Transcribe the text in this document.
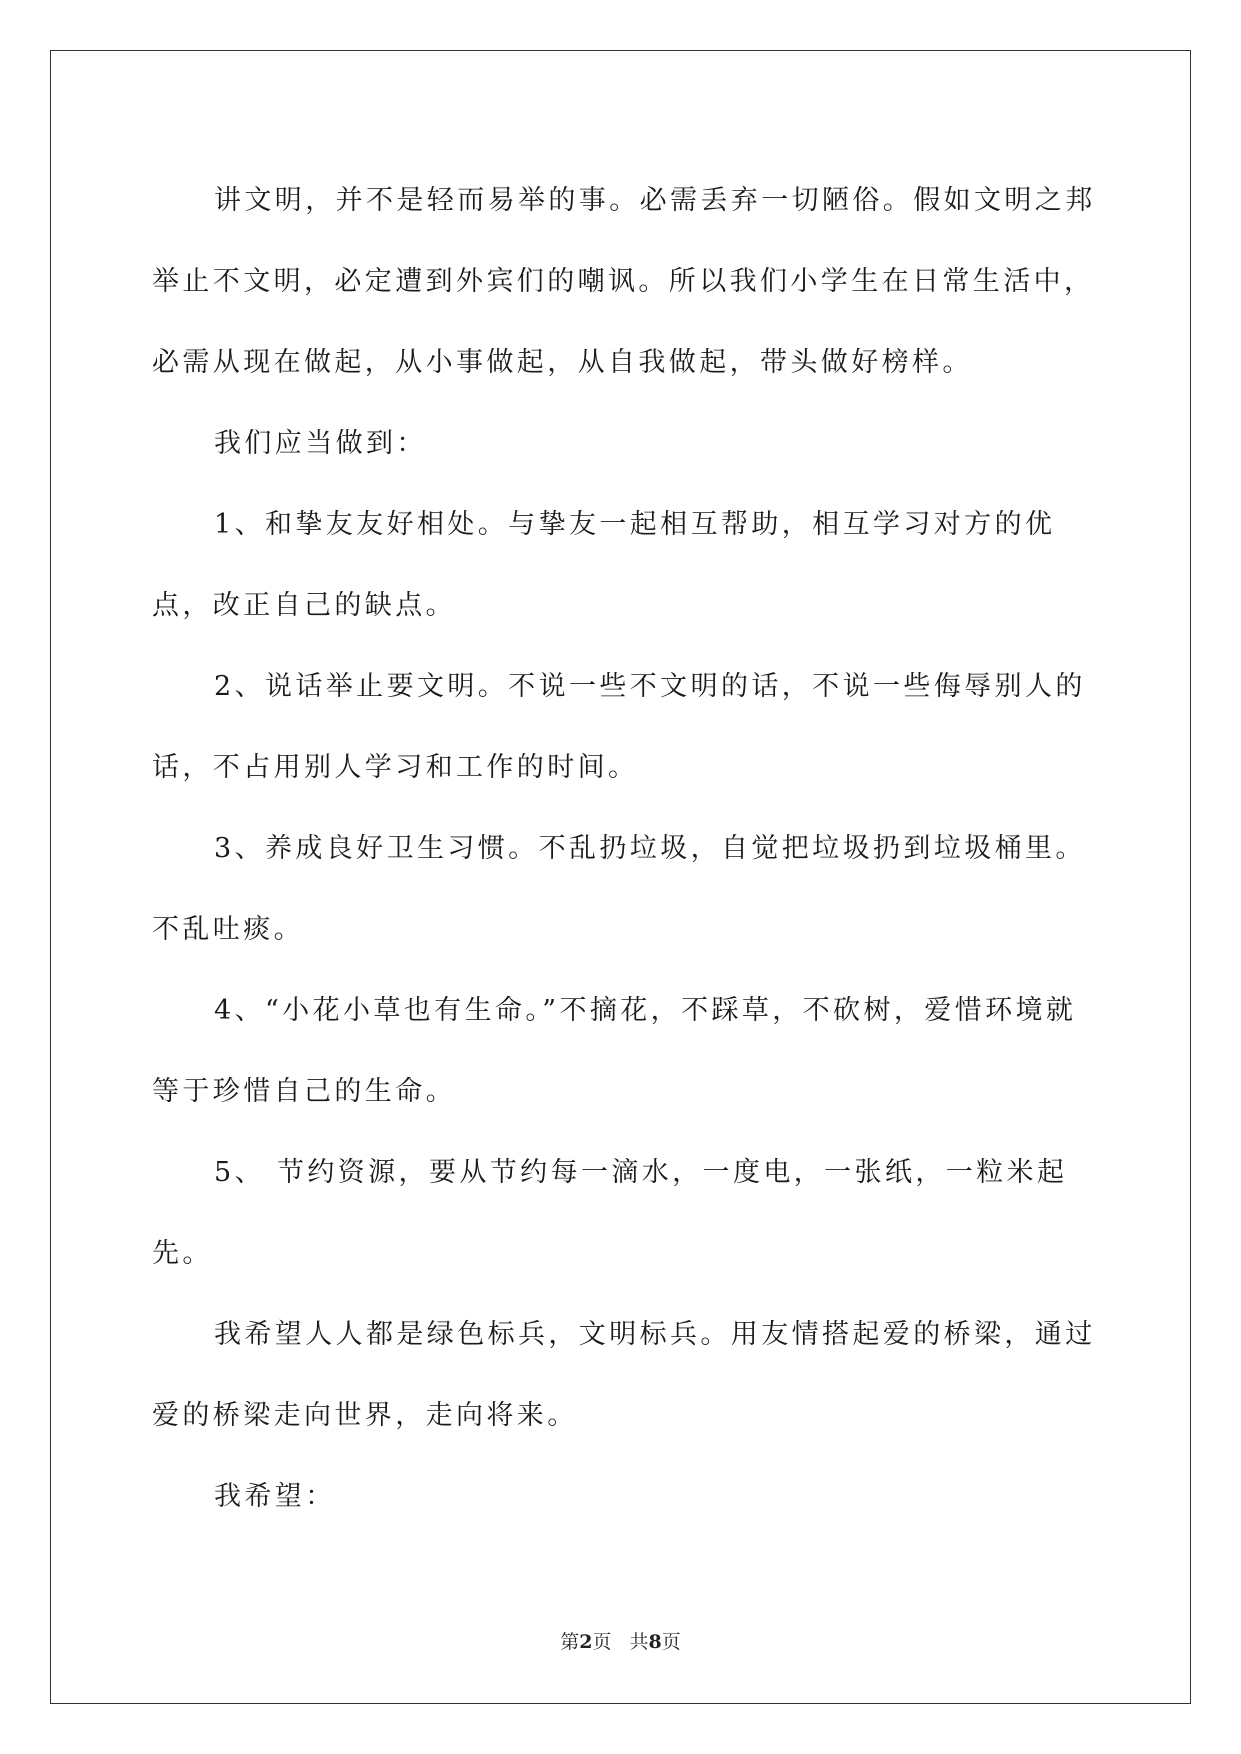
讲文明，并不是轻而易举的事。必需丢弃一切陋俗。假如文明之邦举止不文明，必定遭到外宾们的嘲讽。所以我们小学生在日常生活中，必需从现在做起，从小事做起，从自我做起，带头做好榜样。

我们应当做到：

1、和挚友友好相处。与挚友一起相互帮助，相互学习对方的优点，改正自己的缺点。

2、说话举止要文明。不说一些不文明的话，不说一些侮辱别人的话，不占用别人学习和工作的时间。

3、养成良好卫生习惯。不乱扔垃圾，自觉把垃圾扔到垃圾桶里。不乱吐痰。

4、“小花小草也有生命。”不摘花，不踩草，不砍树，爱惜环境就等于珍惜自己的生命。

5、 节约资源，要从节约每一滴水，一度电，一张纸，一粒米起先。

我希望人人都是绿色标兵，文明标兵。用友情搭起爱的桥梁，通过爱的桥梁走向世界，走向将来。

我希望：

第2页 共8页
